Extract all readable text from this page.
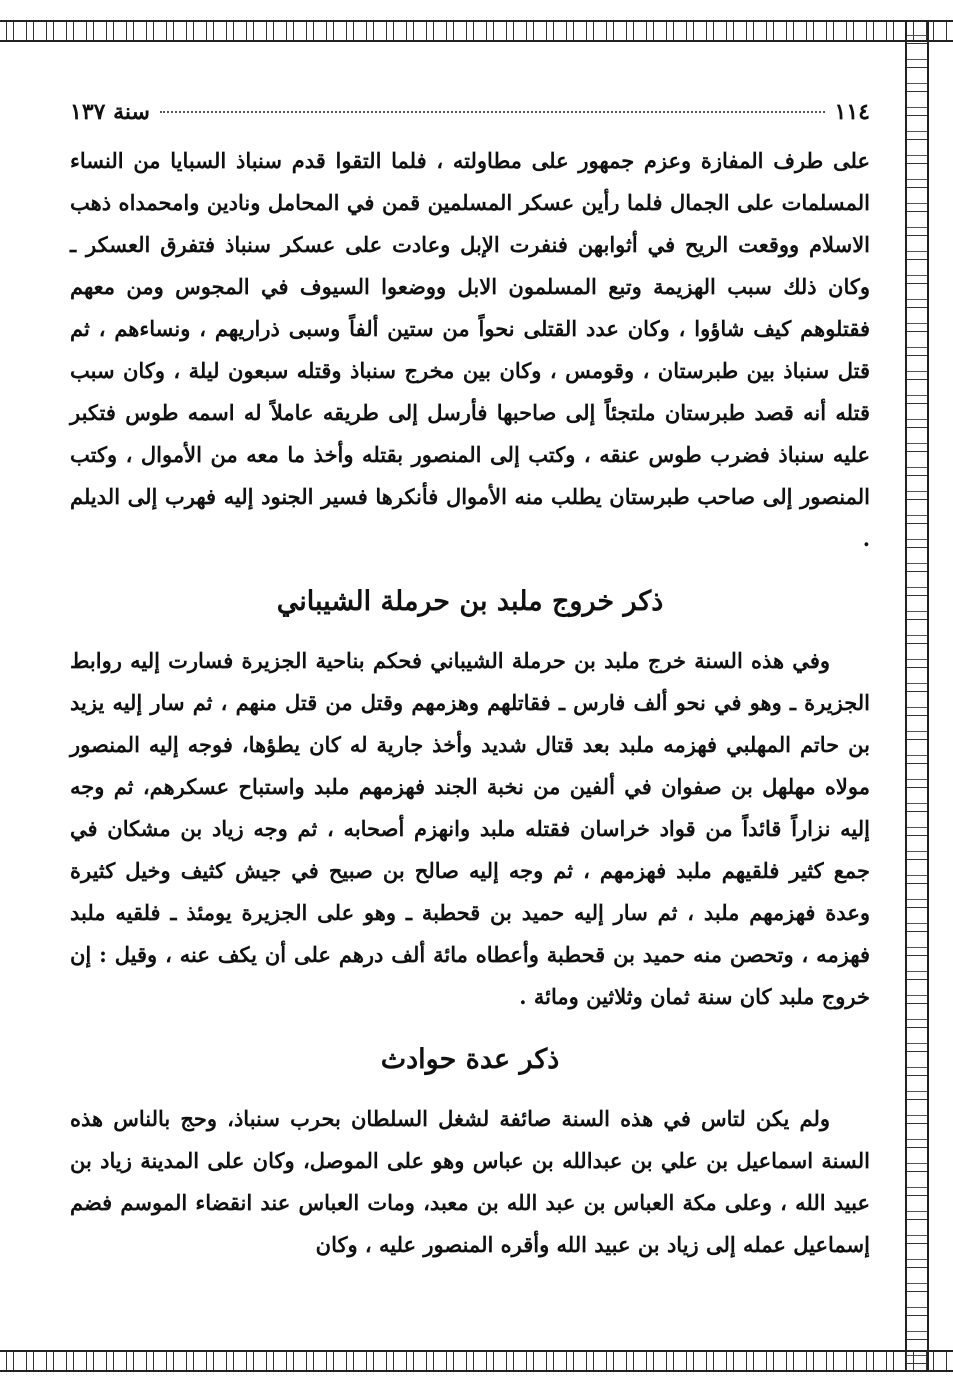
١١٤
سنة ١٣٧

على طرف المفازة وعزم جمهور على مطاولته ، فلما التقوا قدم سنباذ السبايا من النساء المسلمات على الجمال فلما رأين عسكر المسلمين قمن في المحامل ونادين وامحمداه ذهب الاسلام ووقعت الريح في أثوابهن فنفرت الإبل وعادت على عسكر سنباذ فتفرق العسكر ـ وكان ذلك سبب الهزيمة وتبع المسلمون الابل ووضعوا السيوف في المجوس ومن معهم فقتلوهم كيف شاؤوا ، وكان عدد القتلى نحواً من ستين ألفاً وسبى ذراريهم ، ونساءهم ، ثم قتل سنباذ بين طبرستان ، وقومس ، وكان بين مخرج سنباذ وقتله سبعون ليلة ، وكان سبب قتله أنه قصد طبرستان ملتجئاً إلى صاحبها فأرسل إلى طريقه عاملاً له اسمه طوس فتكبر عليه سنباذ فضرب طوس عنقه ، وكتب إلى المنصور بقتله وأخذ ما معه من الأموال ، وكتب المنصور إلى صاحب طبرستان يطلب منه الأموال فأنكرها فسير الجنود إليه فهرب إلى الديلم .

ذكر خروج ملبد بن حرملة الشيباني

وفي هذه السنة خرج ملبد بن حرملة الشيباني فحكم بناحية الجزيرة فسارت إليه روابط الجزيرة ـ وهو في نحو ألف فارس ـ فقاتلهم وهزمهم وقتل من قتل منهم ، ثم سار إليه يزيد بن حاتم المهلبي فهزمه ملبد بعد قتال شديد وأخذ جارية له كان يطؤها، فوجه إليه المنصور مولاه مهلهل بن صفوان في ألفين من نخبة الجند فهزمهم ملبد واستباح عسكرهم، ثم وجه إليه نزاراً قائداً من قواد خراسان فقتله ملبد وانهزم أصحابه ، ثم وجه زياد بن مشكان في جمع كثير فلقيهم ملبد فهزمهم ، ثم وجه إليه صالح بن صبيح في جيش كثيف وخيل كثيرة وعدة فهزمهم ملبد ، ثم سار إليه حميد بن قحطبة ـ وهو على الجزيرة يومئذ ـ فلقيه ملبد فهزمه ، وتحصن منه حميد بن قحطبة وأعطاه مائة ألف درهم على أن يكف عنه ، وقيل : إن خروج ملبد كان سنة ثمان وثلاثين ومائة .

ذكر عدة حوادث

ولم يكن لتاس في هذه السنة صائفة لشغل السلطان بحرب سنباذ، وحج بالناس هذه السنة اسماعيل بن علي بن عبدالله بن عباس وهو على الموصل، وكان على المدينة زياد بن عبيد الله ، وعلى مكة العباس بن عبد الله بن معبد، ومات العباس عند انقضاء الموسم فضم إسماعيل عمله إلى زياد بن عبيد الله وأقره المنصور عليه ، وكان
